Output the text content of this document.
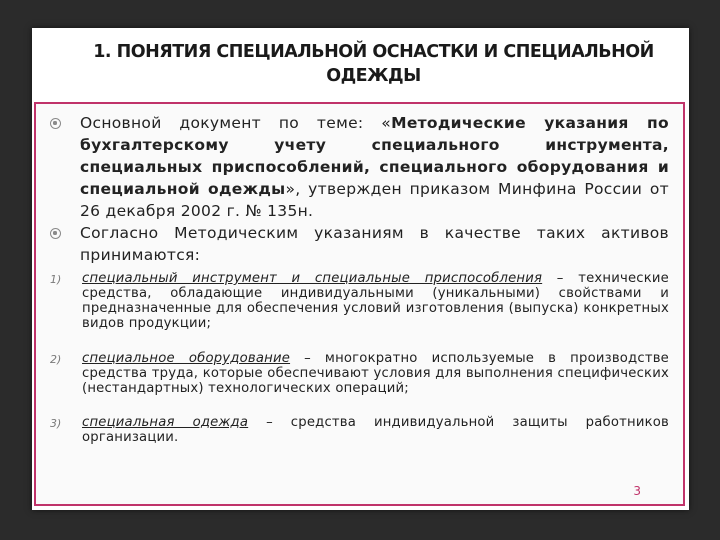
1. ПОНЯТИЯ СПЕЦИАЛЬНОЙ ОСНАСТКИ И СПЕЦИАЛЬНОЙ
ОДЕЖДЫ
Основной документ по теме: «Методические указания по бухгалтерскому учету специального инструмента, специальных приспособлений, специального оборудования и специальной одежды», утвержден приказом Минфина России от 26 декабря 2002 г. № 135н.
Согласно Методическим указаниям в качестве таких активов принимаются:
1) специальный инструмент и специальные приспособления – технические средства, обладающие индивидуальными (уникальными) свойствами и предназначенные для обеспечения условий изготовления (выпуска) конкретных видов продукции;
2) специальное оборудование – многократно используемые в производстве средства труда, которые обеспечивают условия для выполнения специфических (нестандартных) технологических операций;
3) специальная одежда – средства индивидуальной защиты работников организации.
3
